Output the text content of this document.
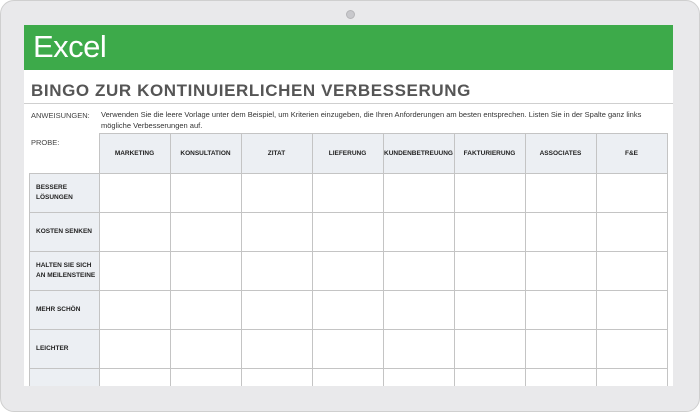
Excel
BINGO ZUR KONTINUIERLICHEN VERBESSERUNG
ANWEISUNGEN: Verwenden Sie die leere Vorlage unter dem Beispiel, um Kriterien einzugeben, die Ihren Anforderungen am besten entsprechen. Listen Sie in der Spalte ganz links mögliche Verbesserungen auf.
PROBE:
	MARKETING	KONSULTATION	ZITAT	LIEFERUNG	KUNDENBETREUUNG	FAKTURIERUNG	ASSOCIATES	F&E
BESSERE LÖSUNGEN								
KOSTEN SENKEN								
HALTEN SIE SICH AN MEILENSTEINE								
MEHR SCHÖN								
LEICHTER								
